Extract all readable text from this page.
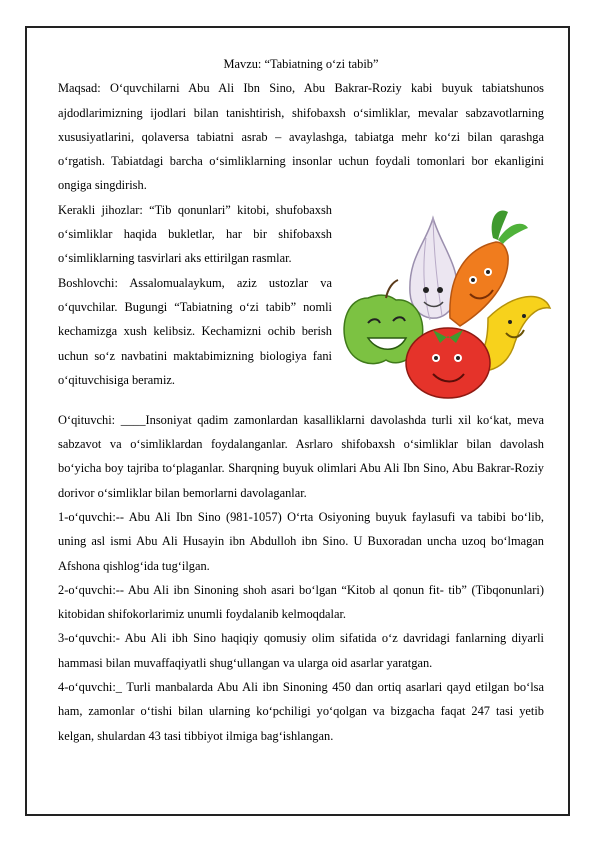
Mavzu: “Tabiatning oʻzi tabib”

Maqsad: Oʻquvchilarni Abu Ali Ibn Sino, Abu Bakrar-Roziy kabi buyuk tabiatshunos ajdodlarimizning ijodlari bilan tanishtirish, shifobaxsh oʻsimliklar, mevalar sabzavotlarning xususiyatlarini, qolaversa tabiatni asrab – avaylashga, tabiatga mehr koʻzi bilan qarashga oʻrgatish. Tabiatdagi barcha oʻsimliklarning insonlar uchun foydali tomonlari bor ekanligini ongiga singdirish.

Kerakli jihozlar: “Tib qonunlari” kitobi, shufobaxsh oʻsimliklar haqida bukletlar, har bir shifobaxsh oʻsimliklarning tasvirlari aks ettirilgan rasmlar.

Boshlovchi: Assalomualaykum, aziz ustozlar va oʻquvchilar. Bugungi “Tabiatning oʻzi tabib” nomli kechamizga xush kelibsiz. Kechamizni ochib berish uchun soʻz navbatini maktabimizning biologiya fani oʻqituvchisiga beramiz.

Oʻqituvchi: ____Insoniyat qadim zamonlardan kasalliklarni davolashda turli xil koʻkat, meva sabzavot va oʻsimliklardan foydalanganlar. Asrlaro shifobaxsh oʻsimliklar bilan davolash boʻyicha boy tajriba toʻplaganlar. Sharqning buyuk olimlari Abu Ali Ibn Sino, Abu Bakrar-Roziy dorivor oʻsimliklar bilan bemorlarni davolaganlar.

1-oʻquvchi:-- Abu Ali Ibn Sino (981-1057) Oʻrta Osiyoning buyuk faylasufi va tabibi boʻlib, uning asl ismi Abu Ali Husayin ibn Abdulloh ibn Sino. U Buxoradan uncha uzoq boʻlmagan Afshona qishlogʻida tugʻilgan.

2-oʻquvchi:-- Abu Ali ibn Sinoning shoh asari boʻlgan “Kitob al qonun fit- tib” (Tibqonunlari) kitobidan shifokorlarimiz unumli foydalanib kelmoqdalar.

3-oʻquvchi:- Abu Ali ibh Sino haqiqiy qomusiy olim sifatida oʻz davridagi fanlarning diyarli hammasi bilan muvaffaqiyatli shugʻullangan va ularga oid asarlar yaratgan.

4-oʻquvchi:_ Turli manbalarda Abu Ali ibn Sinoning 450 dan ortiq asarlari qayd etilgan boʻlsa ham, zamonlar oʻtishi bilan ularning koʻpchiligi yoʻqolgan va bizgacha faqat 247 tasi yetib kelgan, shulardan 43 tasi tibbiyot ilmiga bagʻishlangan.
